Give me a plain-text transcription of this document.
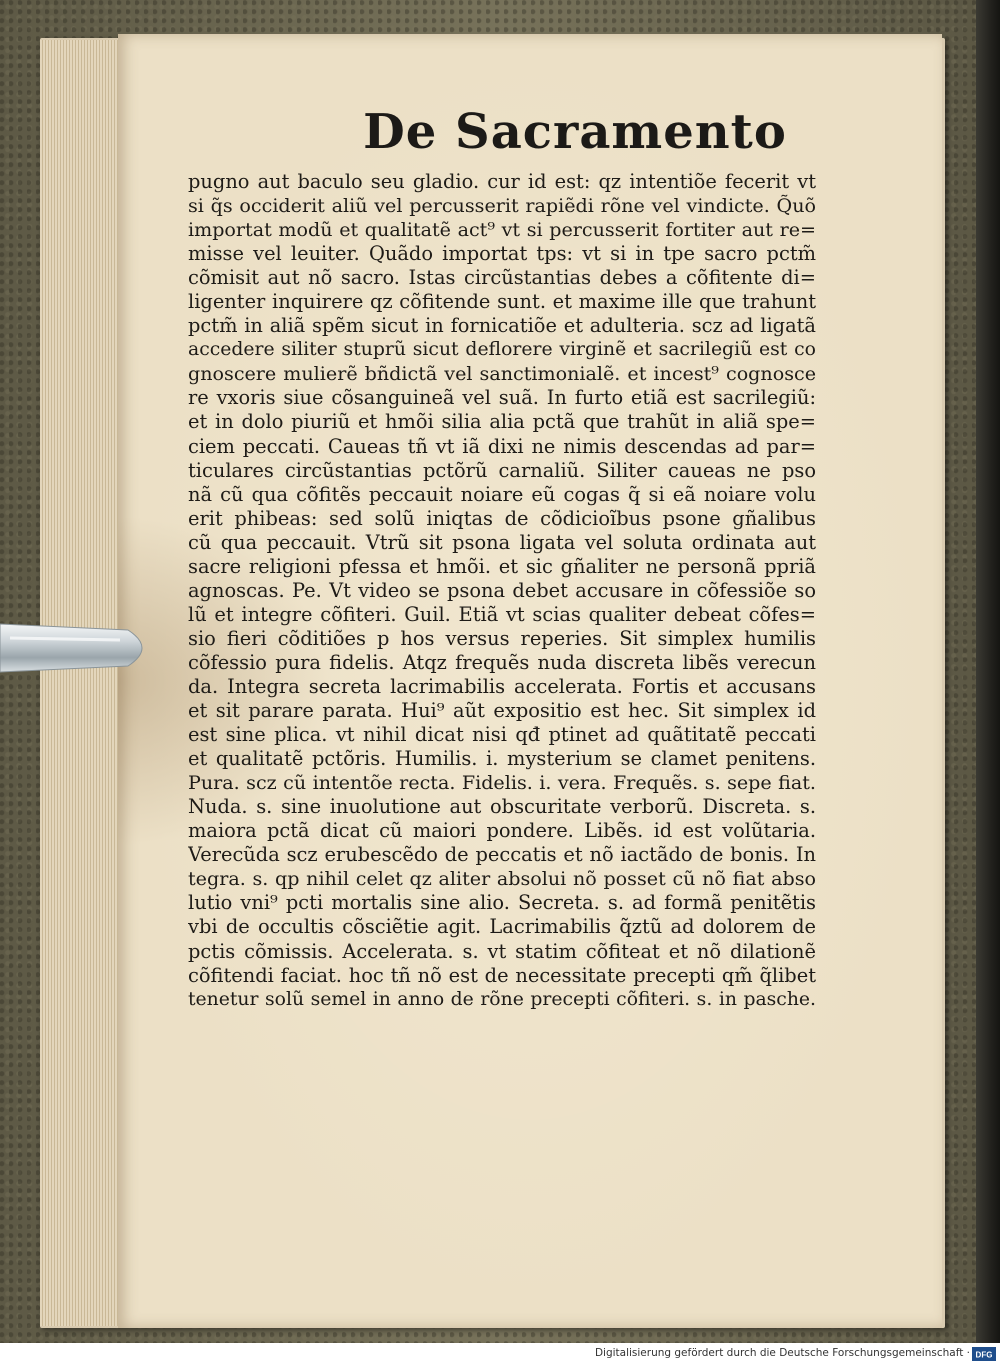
De Sacramento
pugno aut baculo seu gladio. cur id est: qz intentiõe fecerit vt
si q̃s occiderit aliũ vel percusserit rapiẽdi rõne vel vindicte. Q̃uõ
importat modũ et qualitatẽ act⁹ vt si percusserit fortiter aut re=
misse vel leuiter. Quãdo importat tps: vt si in tpe sacro pctm̃
cõmisit aut nõ sacro. Istas circũstantias debes a cõfitente di=
ligenter inquirere qz cõfitende sunt. et maxime ille que trahunt
pctm̃ in aliã spẽm sicut in fornicatiõe et adulteria. scz ad ligatã
accedere siliter stuprũ sicut deflorere virginẽ et sacrilegiũ est co
gnoscere mulierẽ bñdictã vel sanctimonialẽ. et incest⁹ cognosce
re vxoris siue cõsanguineã vel suã. In furto etiã est sacrilegiũ:
et in dolo piuriũ et hmõi silia alia pctã que trahũt in aliã spe=
ciem peccati. Caueas tñ vt iã dixi ne nimis descendas ad par=
ticulares circũstantias pctõrũ carnaliũ. Siliter caueas ne pso
nã cũ qua cõfitẽs peccauit noiare eũ cogas q̃ si eã noiare volu
erit phibeas: sed solũ iniqtas de cõdicioĩbus psone gñalibus
cũ qua peccauit. Vtrũ sit psona ligata vel soluta ordinata aut
sacre religioni pfessa et hmõi. et sic gñaliter ne personã ppriã
agnoscas. Pe. Vt video se psona debet accusare in cõfessiõe so
lũ et integre cõfiteri. Guil. Etiã vt scias qualiter debeat cõfes=
sio fieri cõditiões p hos versus reperies. Sit simplex humilis
cõfessio pura fidelis. Atqz frequẽs nuda discreta libẽs verecun
da. Integra secreta lacrimabilis accelerata. Fortis et accusans
et sit parare parata. Hui⁹ aũt expositio est hec. Sit simplex id
est sine plica. vt nihil dicat nisi qđ ptinet ad quãtitatẽ peccati
et qualitatẽ pctõris. Humilis. i. mysterium se clamet penitens.
Pura. scz cũ intentõe recta. Fidelis. i. vera. Frequẽs. s. sepe fiat.
Nuda. s. sine inuolutione aut obscuritate verborũ. Discreta. s.
maiora pctã dicat cũ maiori pondere. Libẽs. id est volũtaria.
Verecũda scz erubescẽdo de peccatis et nõ iactãdo de bonis. In
tegra. s. qp nihil celet qz aliter absolui nõ posset cũ nõ fiat abso
lutio vni⁹ pcti mortalis sine alio. Secreta. s. ad formã penitẽtis
vbi de occultis cõsciẽtie agit. Lacrimabilis q̃ztũ ad dolorem de
pctis cõmissis. Accelerata. s. vt statim cõfiteat et nõ dilationẽ
cõfitendi faciat. hoc tñ nõ est de necessitate precepti qm̃ q̃libet
tenetur solũ semel in anno de rõne precepti cõfiteri. s. in pasche.
Digitalisierung gefördert durch die Deutsche Forschungsgemeinschaft · DFG
